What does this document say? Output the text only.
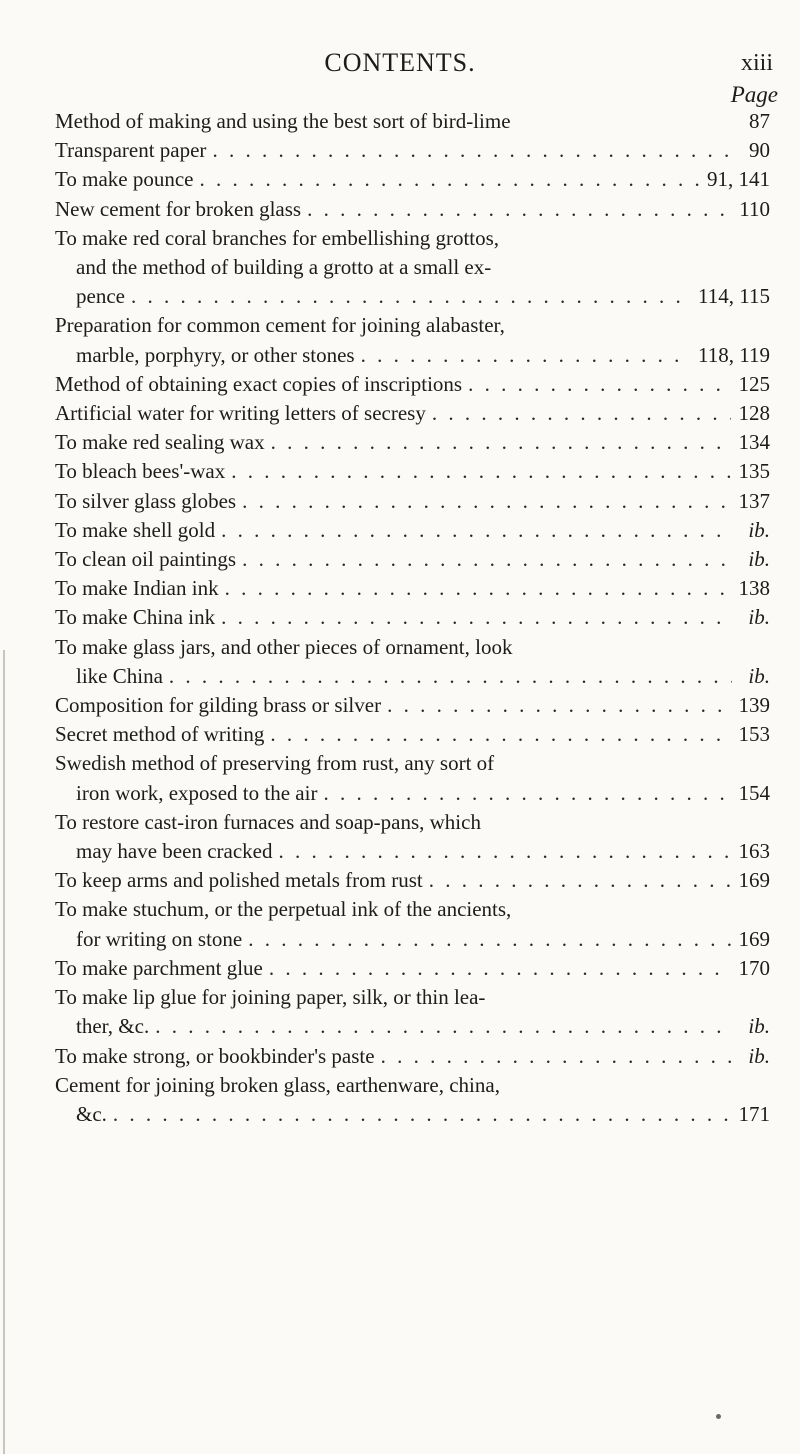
CONTENTS.	xiii
Page
Method of making and using the best sort of bird-lime	87
Transparent paper . . .	90
To make pounce . . .	91, 141
New cement for broken glass . . .	110
To make red coral branches for embellishing grottos,
and the method of building a grotto at a small ex-
pence . . .	114, 115
Preparation for common cement for joining alabaster,
marble, porphyry, or other stones . . .	118, 119
Method of obtaining exact copies of inscriptions . . .	125
Artificial water for writing letters of secresy . . .	128
To make red sealing wax . . .	134
To bleach bees'-wax . . .	135
To silver glass globes . . .	137
To make shell gold . . .	ib.
To clean oil paintings . . .	ib.
To make Indian ink . . .	138
To make China ink . . .	ib.
To make glass jars, and other pieces of ornament, look
like China . . .	ib.
Composition for gilding brass or silver . . .	139
Secret method of writing . . .	153
Swedish method of preserving from rust, any sort of
iron work, exposed to the air . . .	154
To restore cast-iron furnaces and soap-pans, which
may have been cracked . . .	163
To keep arms and polished metals from rust . . .	169
To make stuchum, or the perpetual ink of the ancients,
for writing on stone . . .	169
To make parchment glue . . .	170
To make lip glue for joining paper, silk, or thin lea-
ther, &c. . . .	ib.
To make strong, or bookbinder's paste . . .	ib.
Cement for joining broken glass, earthenware, china,
&c. . . .	171
